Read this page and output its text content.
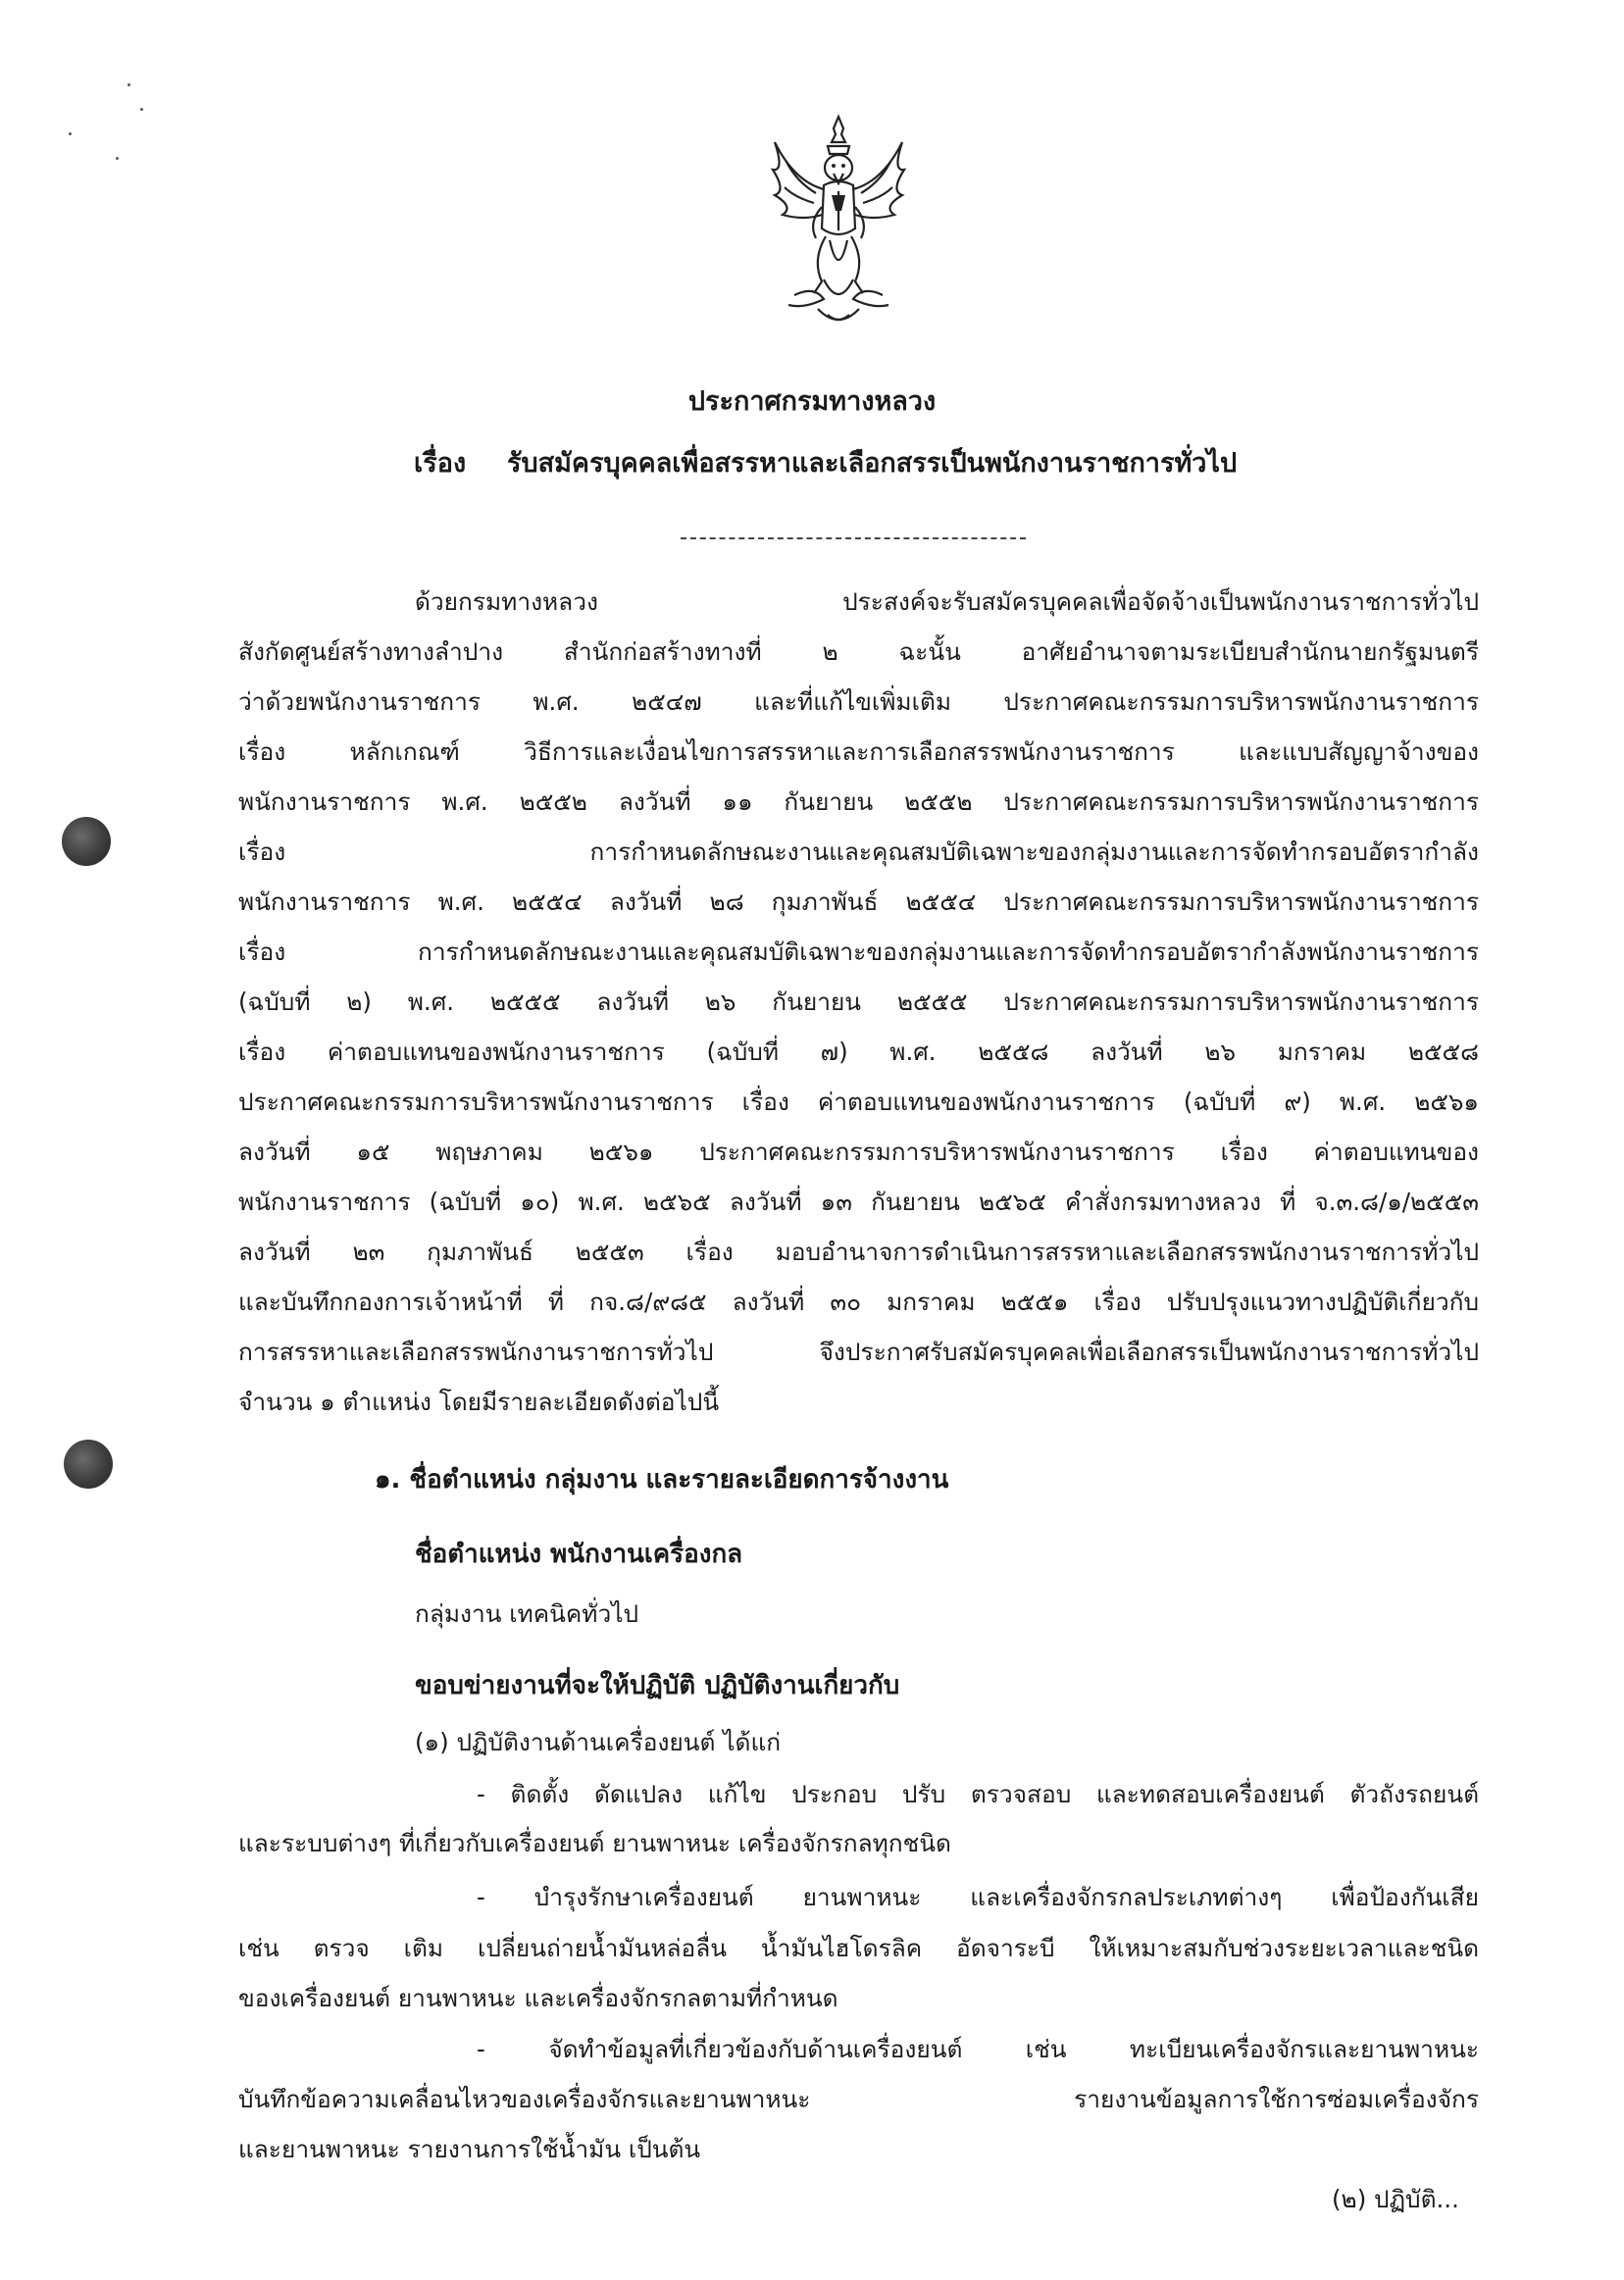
ประกาศกรมทางหลวง
เรื่อง รับสมัครบุคคลเพื่อสรรหาและเลือกสรรเป็นพนักงานราชการทั่วไป
ด้วยกรมทางหลวง ประสงค์จะรับสมัครบุคคลเพื่อจัดจ้างเป็นพนักงานราชการทั่วไป
สังกัดศูนย์สร้างทางลำปาง สำนักก่อสร้างทางที่ ๒ ฉะนั้น อาศัยอำนาจตามระเบียบสำนักนายกรัฐมนตรี
ว่าด้วยพนักงานราชการ พ.ศ. ๒๕๔๗ และที่แก้ไขเพิ่มเติม ประกาศคณะกรรมการบริหารพนักงานราชการ
เรื่อง หลักเกณฑ์ วิธีการและเงื่อนไขการสรรหาและการเลือกสรรพนักงานราชการ และแบบสัญญาจ้างของ
พนักงานราชการ พ.ศ. ๒๕๕๒ ลงวันที่ ๑๑ กันยายน ๒๕๕๒ ประกาศคณะกรรมการบริหารพนักงานราชการ
เรื่อง การกำหนดลักษณะงานและคุณสมบัติเฉพาะของกลุ่มงานและการจัดทำกรอบอัตรากำลัง
พนักงานราชการ พ.ศ. ๒๕๕๔ ลงวันที่ ๒๘ กุมภาพันธ์ ๒๕๕๔ ประกาศคณะกรรมการบริหารพนักงานราชการ
เรื่อง การกำหนดลักษณะงานและคุณสมบัติเฉพาะของกลุ่มงานและการจัดทำกรอบอัตรากำลังพนักงานราชการ
(ฉบับที่ ๒) พ.ศ. ๒๕๕๕ ลงวันที่ ๒๖ กันยายน ๒๕๕๕ ประกาศคณะกรรมการบริหารพนักงานราชการ
เรื่อง ค่าตอบแทนของพนักงานราชการ (ฉบับที่ ๗) พ.ศ. ๒๕๕๘ ลงวันที่ ๒๖ มกราคม ๒๕๕๘
ประกาศคณะกรรมการบริหารพนักงานราชการ เรื่อง ค่าตอบแทนของพนักงานราชการ (ฉบับที่ ๙) พ.ศ. ๒๕๖๑
ลงวันที่ ๑๕ พฤษภาคม ๒๕๖๑ ประกาศคณะกรรมการบริหารพนักงานราชการ เรื่อง ค่าตอบแทนของ
พนักงานราชการ (ฉบับที่ ๑๐) พ.ศ. ๒๕๖๕ ลงวันที่ ๑๓ กันยายน ๒๕๖๕ คำสั่งกรมทางหลวง ที่ จ.๓.๘/๑/๒๕๕๓
ลงวันที่ ๒๓ กุมภาพันธ์ ๒๕๕๓ เรื่อง มอบอำนาจการดำเนินการสรรหาและเลือกสรรพนักงานราชการทั่วไป
และบันทึกกองการเจ้าหน้าที่ ที่ กจ.๘/๙๘๕ ลงวันที่ ๓๐ มกราคม ๒๕๕๑ เรื่อง ปรับปรุงแนวทางปฏิบัติเกี่ยวกับ
การสรรหาและเลือกสรรพนักงานราชการทั่วไป จึงประกาศรับสมัครบุคคลเพื่อเลือกสรรเป็นพนักงานราชการทั่วไป
จำนวน ๑ ตำแหน่ง โดยมีรายละเอียดดังต่อไปนี้
๑. ชื่อตำแหน่ง กลุ่มงาน และรายละเอียดการจ้างงาน
ชื่อตำแหน่ง พนักงานเครื่องกล
กลุ่มงาน เทคนิคทั่วไป
ขอบข่ายงานที่จะให้ปฏิบัติ ปฏิบัติงานเกี่ยวกับ
(๑) ปฏิบัติงานด้านเครื่องยนต์ ได้แก่
- ติดตั้ง ดัดแปลง แก้ไข ประกอบ ปรับ ตรวจสอบ และทดสอบเครื่องยนต์ ตัวถังรถยนต์
และระบบต่างๆ ที่เกี่ยวกับเครื่องยนต์ ยานพาหนะ เครื่องจักรกลทุกชนิด
- บำรุงรักษาเครื่องยนต์ ยานพาหนะ และเครื่องจักรกลประเภทต่างๆ เพื่อป้องกันเสีย
เช่น ตรวจ เติม เปลี่ยนถ่ายน้ำมันหล่อลื่น น้ำมันไฮโดรลิค อัดจาระบี ให้เหมาะสมกับช่วงระยะเวลาและชนิด
ของเครื่องยนต์ ยานพาหนะ และเครื่องจักรกลตามที่กำหนด
- จัดทำข้อมูลที่เกี่ยวข้องกับด้านเครื่องยนต์ เช่น ทะเบียนเครื่องจักรและยานพาหนะ
บันทึกข้อความเคลื่อนไหวของเครื่องจักรและยานพาหนะ รายงานข้อมูลการใช้การซ่อมเครื่องจักร
และยานพาหนะ รายงานการใช้น้ำมัน เป็นต้น
(๒) ปฏิบัติ...
